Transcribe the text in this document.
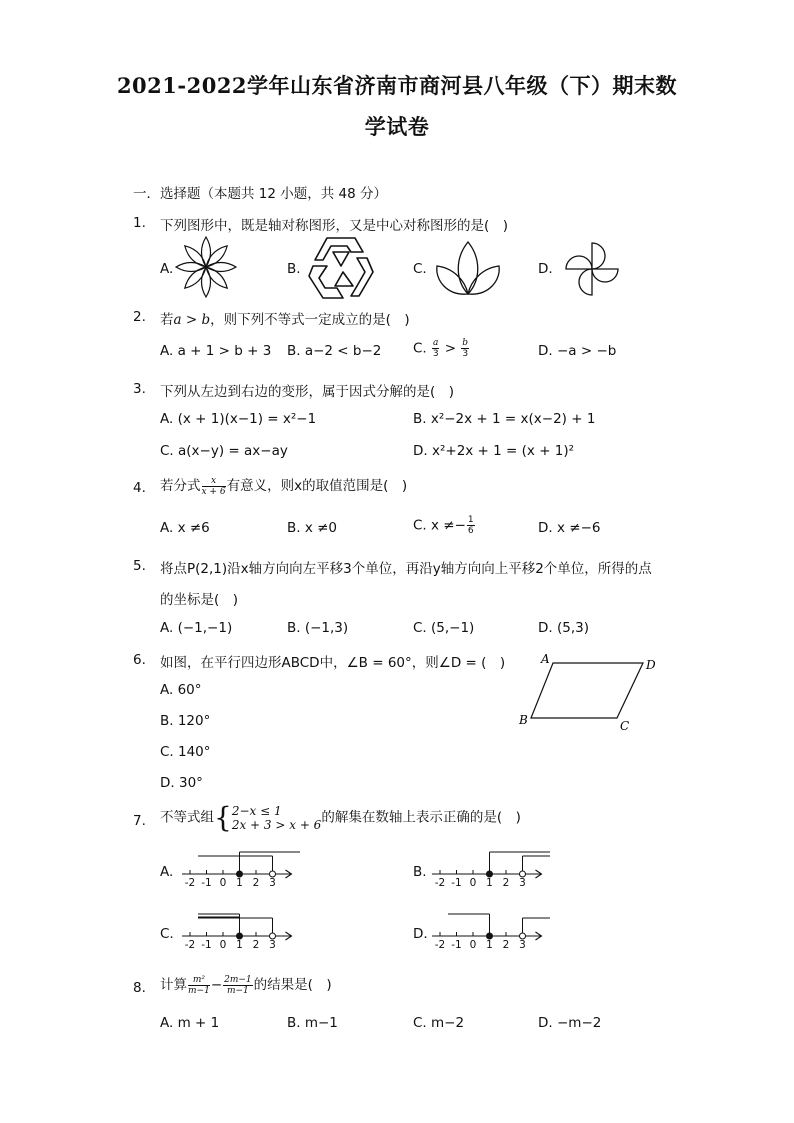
2021-2022学年山东省济南市商河县八年级（下）期末数
学试卷
一．选择题（本题共 12 小题，共 48 分）
1. 下列图形中，既是轴对称图形，又是中心对称图形的是(　)
A.	B.	C.	D.
2. 若a > b，则下列不等式一定成立的是(　)
A. a + 1 > b + 3 B. a−2 < b−2 C. $\frac{a}{3} > \frac{b}{3}$	D. −a > −b
3. 下列从左边到右边的变形，属于因式分解的是(　)
A. (x + 1)(x−1) = x²−1	B. x²−2x + 1 = x(x−2) + 1
C. a(x−y) = ax−ay	D. x²+2x + 1 = (x + 1)²
4. 若分式 $\frac{x}{x + 6}$ 有意义，则x的取值范围是(　)
A. x ≠6	B. x ≠0	C. $x \ne- \frac{1}{6}$	D. x ≠−6
5. 将点P(2,1)沿x轴方向向左平移3个单位，再沿y轴方向向上平移2个单位，所得的点
的坐标是(　)
A. (−1,−1)	B. (−1,3)	C. (5,−1)	D. (5,3)
6. 如图，在平行四边形ABCD中，∠B = 60°，则∠D = (　)
A. 60°
B. 120°
C. 140°
D. 30°
A	D
B	C
7. 不等式组{ 2−x ≤ 1
2x + 3 > x + 6 的解集在数轴上表示正确的是(　)
A.
-2 -1 0 1 2 3
B.
-2 -1 0 1 2 3
C.
-2 -1 0 1 2 3
D.
-2 -1 0 1 2 3
8. 计算 $\frac{\text{m²}}{m-1} - \frac{2m-1}{m-1}$ 的结果是(　)
A. m + 1	B. m−1	C. m−2	D. −m−2
